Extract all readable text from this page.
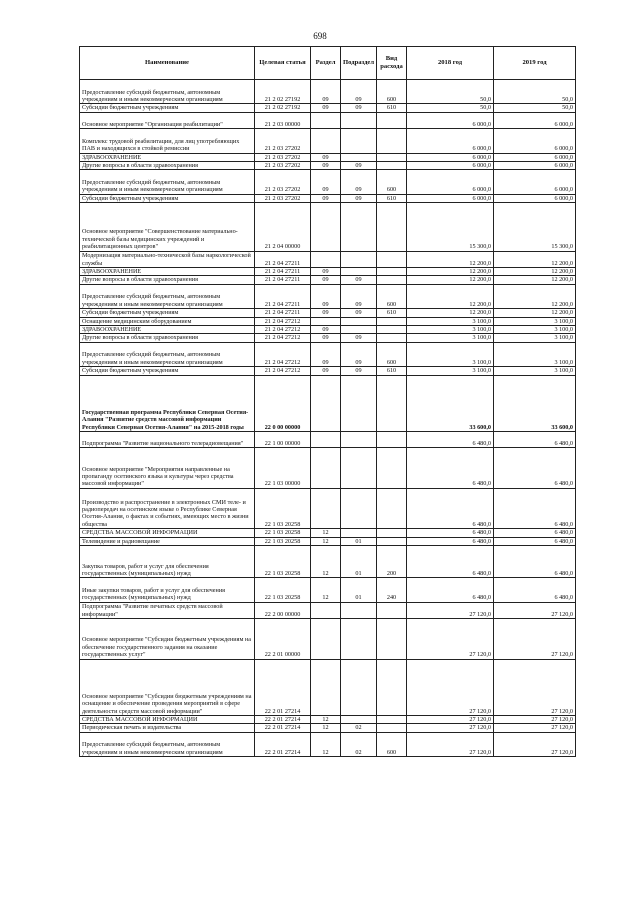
698
Наименование	Целевая статья	Раздел	Подраздел	Вид расхода	2018 год	2019 год
Предоставление субсидий бюджетным, автономным учреждениям и иным некоммерческим организациям	21 2 02 27192	09	09	600	50,0	50,0
Субсидии бюджетным учреждениям	21 2 02 27192	09	09	610	50,0	50,0
Основное мероприятие "Организация реабилитации"	21 2 03 00000				6 000,0	6 000,0
Комплекс трудовой реабилитации, для лиц употребляющих ПАВ и находящихся в стойкой ремиссии	21 2 03 27202				6 000,0	6 000,0
ЗДРАВООХРАНЕНИЕ	21 2 03 27202	09			6 000,0	6 000,0
Другие вопросы в области здравоохранения	21 2 03 27202	09	09		6 000,0	6 000,0
Предоставление субсидий бюджетным, автономным учреждениям и иным некоммерческим организациям	21 2 03 27202	09	09	600	6 000,0	6 000,0
Субсидии бюджетным учреждениям	21 2 03 27202	09	09	610	6 000,0	6 000,0
Основное мероприятие "Совершенствование материально-технической базы медицинских учреждений и реабилитационных центров"	21 2 04 00000				15 300,0	15 300,0
Модернизация материально-технической базы наркологической службы	21 2 04 27211				12 200,0	12 200,0
ЗДРАВООХРАНЕНИЕ	21 2 04 27211	09			12 200,0	12 200,0
Другие вопросы в области здравоохранения	21 2 04 27211	09	09		12 200,0	12 200,0
Предоставление субсидий бюджетным, автономным учреждениям и иным некоммерческим организациям	21 2 04 27211	09	09	600	12 200,0	12 200,0
Субсидии бюджетным учреждениям	21 2 04 27211	09	09	610	12 200,0	12 200,0
Оснащение медицинским оборудованием	21 2 04 27212				3 100,0	3 100,0
ЗДРАВООХРАНЕНИЕ	21 2 04 27212	09			3 100,0	3 100,0
Другие вопросы в области здравоохранения	21 2 04 27212	09	09		3 100,0	3 100,0
Предоставление субсидий бюджетным, автономным учреждениям и иным некоммерческим организациям	21 2 04 27212	09	09	600	3 100,0	3 100,0
Субсидии бюджетным учреждениям	21 2 04 27212	09	09	610	3 100,0	3 100,0
Государственная программа Республики Северная Осетия-Алания "Развитие средств массовой информации Республики Северная Осетия-Алания" на 2015-2018 годы	22 0 00 00000				33 600,0	33 600,0
Подпрограмма "Развитие национального телерадиовещания"	22 1 00 00000				6 480,0	6 480,0
Основное мероприятие "Мероприятия направленные на пропаганду осетинского языка и культуры через средства массовой информации"	22 1 03 00000				6 480,0	6 480,0
Производство и распространение в электронных СМИ теле- и радиопередач на осетинском языке о Республике Северная Осетия-Алания, о фактах и событиях, имеющих место в жизни общества	22 1 03 20258				6 480,0	6 480,0
СРЕДСТВА МАССОВОЙ ИНФОРМАЦИИ	22 1 03 20258	12			6 480,0	6 480,0
Телевидение и радиовещание	22 1 03 20258	12	01		6 480,0	6 480,0
Закупка товаров, работ и услуг для обеспечения государственных (муниципальных) нужд	22 1 03 20258	12	01	200	6 480,0	6 480,0
Иные закупки товаров, работ и услуг для обеспечения государственных (муниципальных) нужд	22 1 03 20258	12	01	240	6 480,0	6 480,0
Подпрограмма "Развитие печатных средств массовой информации"	22 2 00 00000				27 120,0	27 120,0
Основное мероприятие "Субсидия бюджетным учреждениям на обеспечение государственного задания на оказание государственных услуг"	22 2 01 00000				27 120,0	27 120,0
Основное мероприятие "Субсидии бюджетным учреждениям на оснащение и обеспечение проведения мероприятий в сфере деятельности средств массовой информации"	22 2 01 27214				27 120,0	27 120,0
СРЕДСТВА МАССОВОЙ ИНФОРМАЦИИ	22 2 01 27214	12			27 120,0	27 120,0
Периодическая печать и издательства	22 2 01 27214	12	02		27 120,0	27 120,0
Предоставление субсидий бюджетным, автономным учреждениям и иным некоммерческим организациям	22 2 01 27214	12	02	600	27 120,0	27 120,0
